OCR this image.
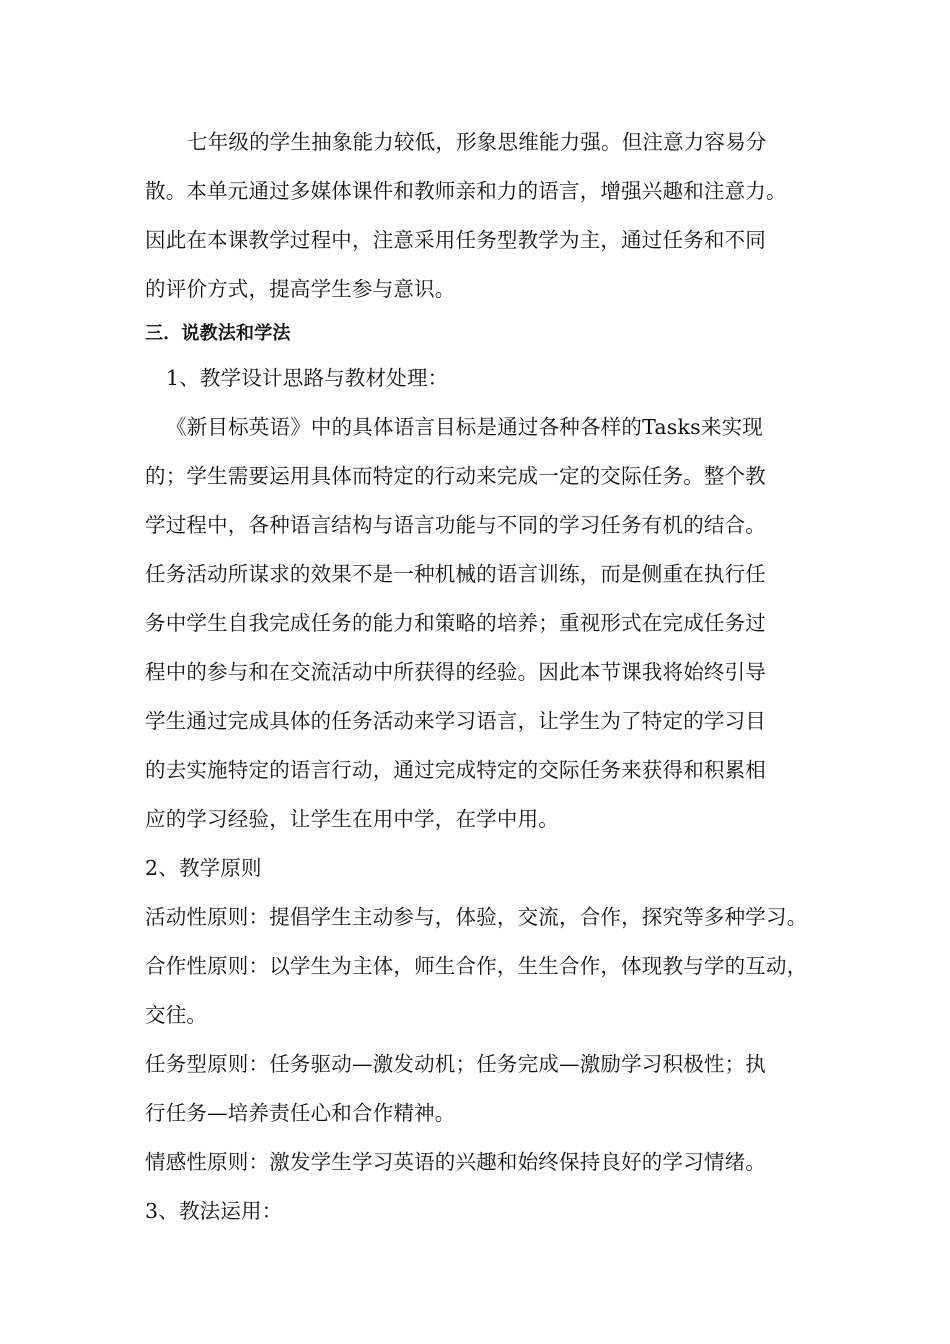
七年级的学生抽象能力较低，形象思维能力强。但注意力容易分
散。本单元通过多媒体课件和教师亲和力的语言，增强兴趣和注意力。
因此在本课教学过程中，注意采用任务型教学为主，通过任务和不同
的评价方式，提高学生参与意识。
三．说教法和学法
1、教学设计思路与教材处理：
《新目标英语》中的具体语言目标是通过各种各样的Tasks来实现
的；学生需要运用具体而特定的行动来完成一定的交际任务。整个教
学过程中，各种语言结构与语言功能与不同的学习任务有机的结合。
任务活动所谋求的效果不是一种机械的语言训练，而是侧重在执行任
务中学生自我完成任务的能力和策略的培养；重视形式在完成任务过
程中的参与和在交流活动中所获得的经验。因此本节课我将始终引导
学生通过完成具体的任务活动来学习语言，让学生为了特定的学习目
的去实施特定的语言行动，通过完成特定的交际任务来获得和积累相
应的学习经验，让学生在用中学，在学中用。
2、教学原则
活动性原则：提倡学生主动参与，体验，交流，合作，探究等多种学习。
合作性原则：以学生为主体，师生合作，生生合作，体现教与学的互动，
交往。
任务型原则：任务驱动—激发动机；任务完成—激励学习积极性；执
行任务—培养责任心和合作精神。
情感性原则：激发学生学习英语的兴趣和始终保持良好的学习情绪。
3、教法运用：
